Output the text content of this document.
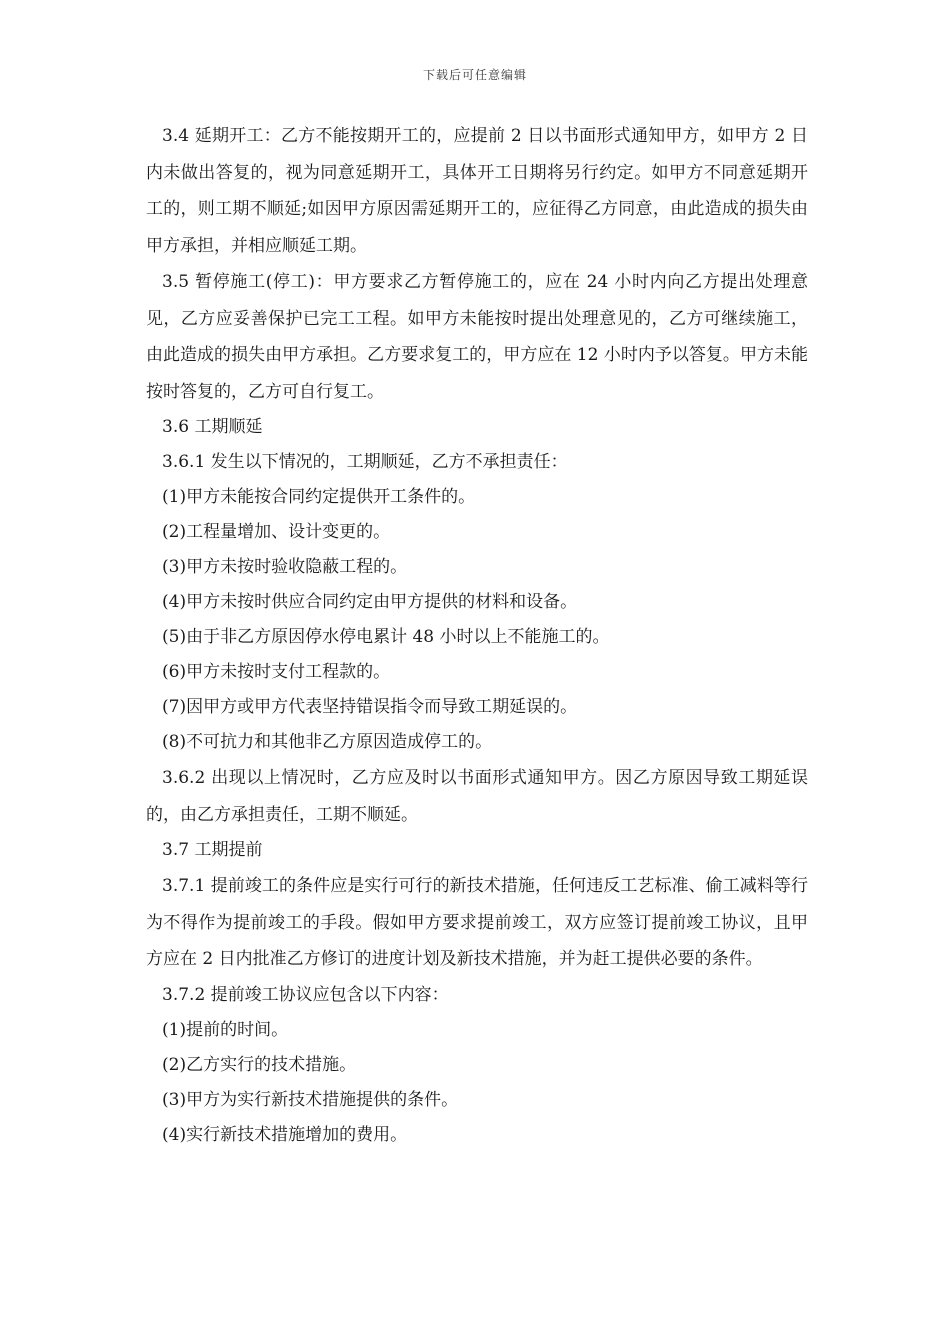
下载后可任意编辑

3.4 延期开工：乙方不能按期开工的，应提前 2 日以书面形式通知甲方，如甲方 2 日内未做出答复的，视为同意延期开工，具体开工日期将另行约定。如甲方不同意延期开工的，则工期不顺延;如因甲方原因需延期开工的，应征得乙方同意，由此造成的损失由甲方承担，并相应顺延工期。

3.5 暂停施工(停工)：甲方要求乙方暂停施工的，应在 24 小时内向乙方提出处理意见，乙方应妥善保护已完工工程。如甲方未能按时提出处理意见的，乙方可继续施工，由此造成的损失由甲方承担。乙方要求复工的，甲方应在 12 小时内予以答复。甲方未能按时答复的，乙方可自行复工。

3.6 工期顺延

3.6.1 发生以下情况的，工期顺延，乙方不承担责任：

(1)甲方未能按合同约定提供开工条件的。

(2)工程量增加、设计变更的。

(3)甲方未按时验收隐蔽工程的。

(4)甲方未按时供应合同约定由甲方提供的材料和设备。

(5)由于非乙方原因停水停电累计 48 小时以上不能施工的。

(6)甲方未按时支付工程款的。

(7)因甲方或甲方代表坚持错误指令而导致工期延误的。

(8)不可抗力和其他非乙方原因造成停工的。

3.6.2 出现以上情况时，乙方应及时以书面形式通知甲方。因乙方原因导致工期延误的，由乙方承担责任，工期不顺延。

3.7 工期提前

3.7.1 提前竣工的条件应是实行可行的新技术措施，任何违反工艺标准、偷工减料等行为不得作为提前竣工的手段。假如甲方要求提前竣工，双方应签订提前竣工协议，且甲方应在 2 日内批准乙方修订的进度计划及新技术措施，并为赶工提供必要的条件。

3.7.2 提前竣工协议应包含以下内容：

(1)提前的时间。

(2)乙方实行的技术措施。

(3)甲方为实行新技术措施提供的条件。

(4)实行新技术措施增加的费用。
